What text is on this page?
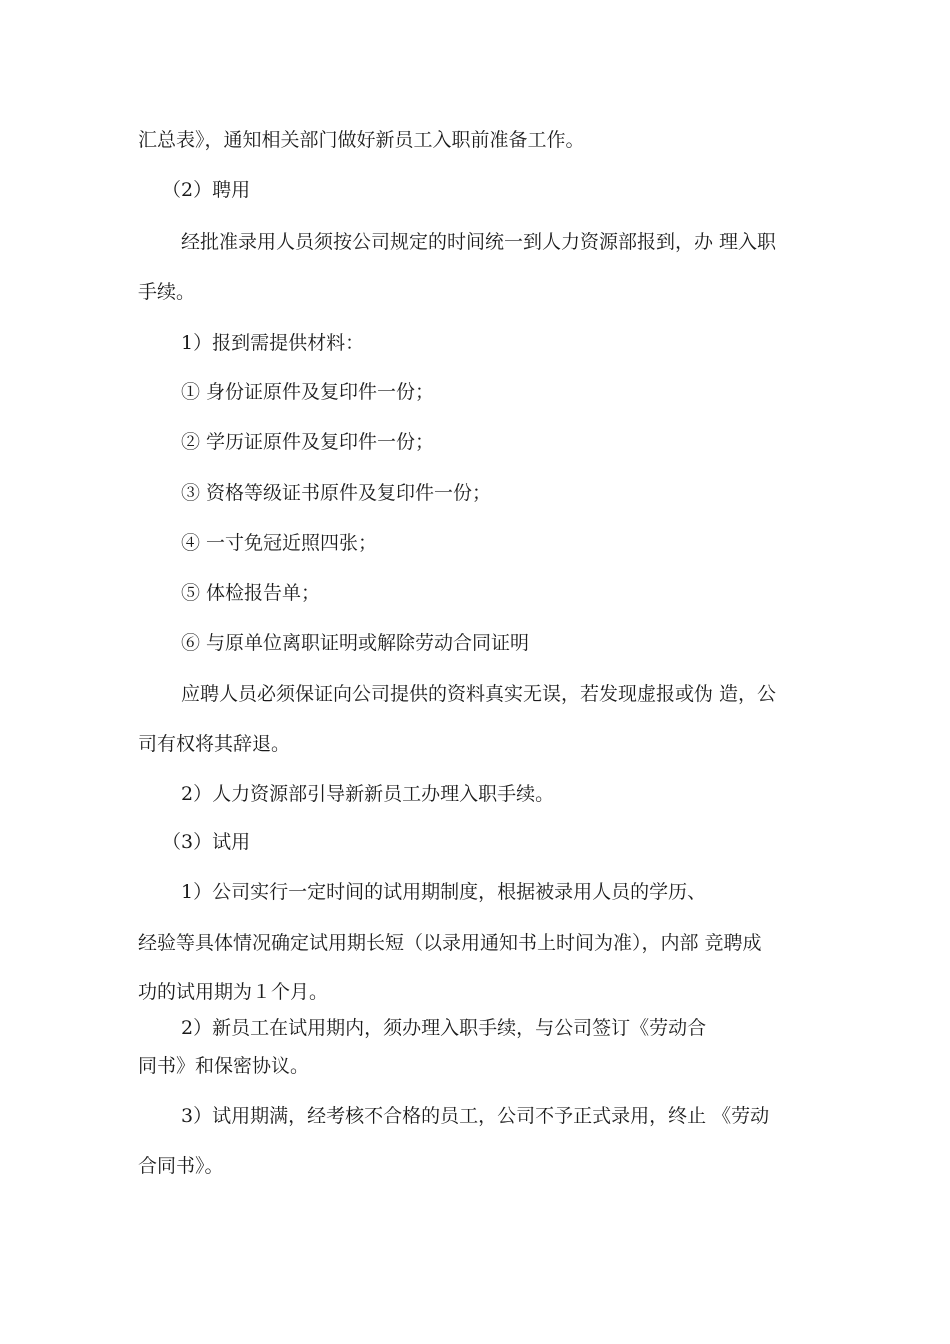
汇总表》，通知相关部门做好新员工入职前准备工作。
（2）聘用
经批准录用人员须按公司规定的时间统一到人力资源部报到，办 理入职
手续。
1）报到需提供材料：
① 身份证原件及复印件一份；
② 学历证原件及复印件一份；
③ 资格等级证书原件及复印件一份；
④ 一寸免冠近照四张；
⑤ 体检报告单；
⑥ 与原单位离职证明或解除劳动合同证明
应聘人员必须保证向公司提供的资料真实无误，若发现虚报或伪 造，公
司有权将其辞退。
2）人力资源部引导新新员工办理入职手续。
（3）试用
1）公司实行一定时间的试用期制度，根据被录用人员的学历、
经验等具体情况确定试用期长短（以录用通知书上时间为准），内部 竞聘成
功的试用期为１个月。
2）新员工在试用期内，须办理入职手续，与公司签订《劳动合
同书》和保密协议。
3）试用期满，经考核不合格的员工，公司不予正式录用，终止 《劳动
合同书》。
